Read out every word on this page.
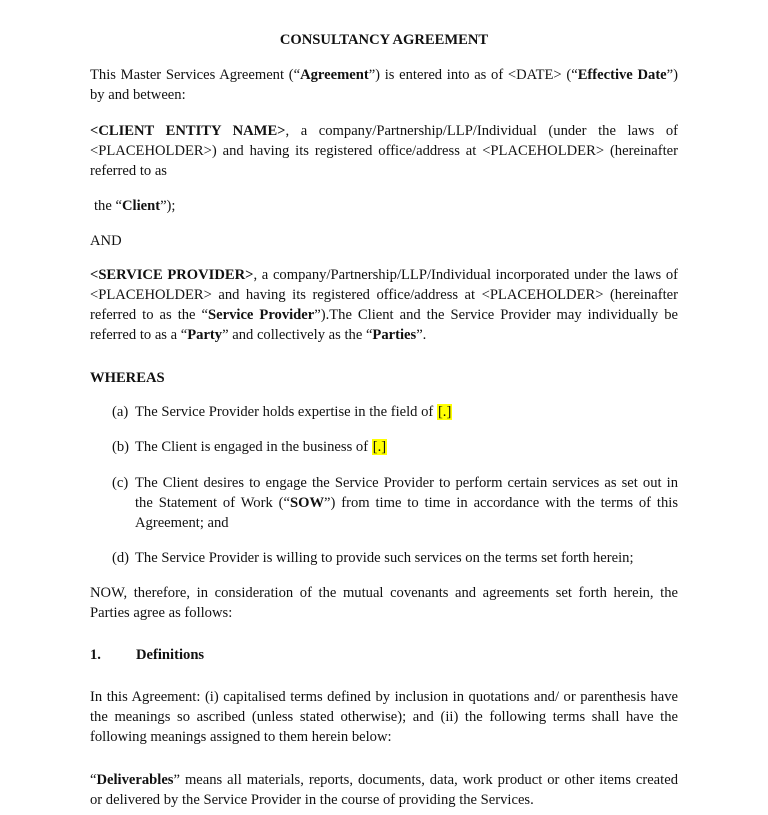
CONSULTANCY AGREEMENT

This Master Services Agreement (“Agreement”) is entered into as of <DATE> (“Effective Date”) by and between:

<CLIENT ENTITY NAME>, a company/Partnership/LLP/Individual (under the laws of <PLACEHOLDER>) and having its registered office/address at <PLACEHOLDER> (hereinafter referred to as

the “Client”);

AND

<SERVICE PROVIDER>, a company/Partnership/LLP/Individual incorporated under the laws of <PLACEHOLDER> and having its registered office/address at <PLACEHOLDER> (hereinafter referred to as the “Service Provider”).The Client and the Service Provider may individually be referred to as a “Party” and collectively as the “Parties”.

WHEREAS

(a) The Service Provider holds expertise in the field of [.]
(b) The Client is engaged in the business of [.]
(c) The Client desires to engage the Service Provider to perform certain services as set out in the Statement of Work (“SOW”) from time to time in accordance with the terms of this Agreement; and
(d) The Service Provider is willing to provide such services on the terms set forth herein;

NOW, therefore, in consideration of the mutual covenants and agreements set forth herein, the Parties agree as follows:

1. Definitions

In this Agreement: (i) capitalised terms defined by inclusion in quotations and/ or parenthesis have the meanings so ascribed (unless stated otherwise); and (ii) the following terms shall have the following meanings assigned to them herein below:

“Deliverables” means all materials, reports, documents, data, work product or other items created or delivered by the Service Provider in the course of providing the Services.
